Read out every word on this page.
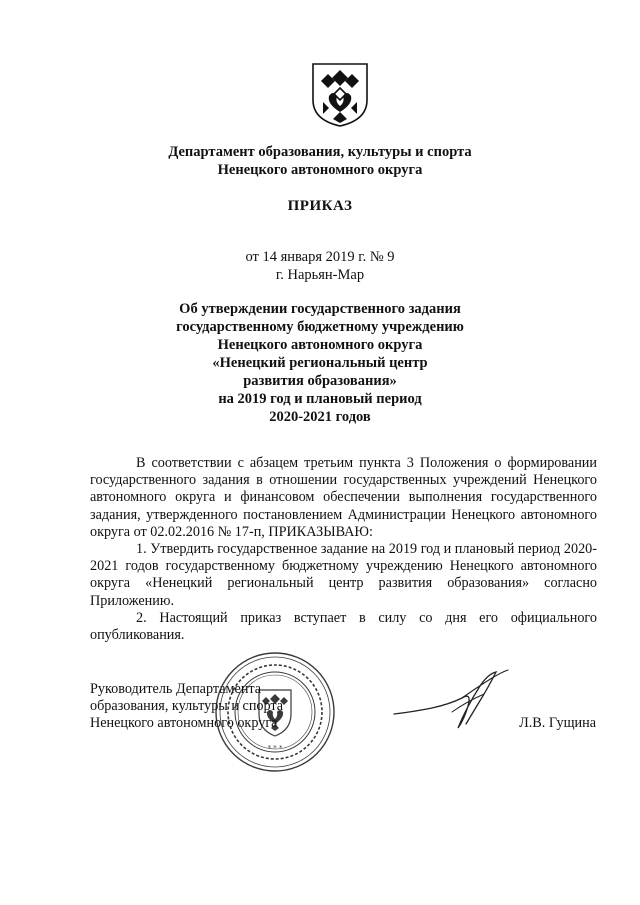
Департамент образования, культуры и спорта
Ненецкого автономного округа
ПРИКАЗ
от 14 января 2019 г. № 9
г. Нарьян-Мар
Об утверждении государственного задания
государственному бюджетному учреждению
Ненецкого автономного округа
«Ненецкий региональный центр
развития образования»
на 2019 год и плановый период
2020-2021 годов

В соответствии с абзацем третьим пункта 3 Положения о формировании государственного задания в отношении государственных учреждений Ненецкого автономного округа и финансовом обеспечении выполнения государственного задания, утвержденного постановлением Администрации Ненецкого автономного округа от 02.02.2016 № 17-п, ПРИКАЗЫВАЮ:

1. Утвердить государственное задание на 2019 год и плановый период 2020-2021 годов государственному бюджетному учреждению Ненецкого автономного округа «Ненецкий региональный центр развития образования» согласно Приложению.

2. Настоящий приказ вступает в силу со дня его официального опубликования.

* * *
Руководитель Департамента
образования, культуры и спорта
Ненецкого автономного округа	Л.В. Гущина
